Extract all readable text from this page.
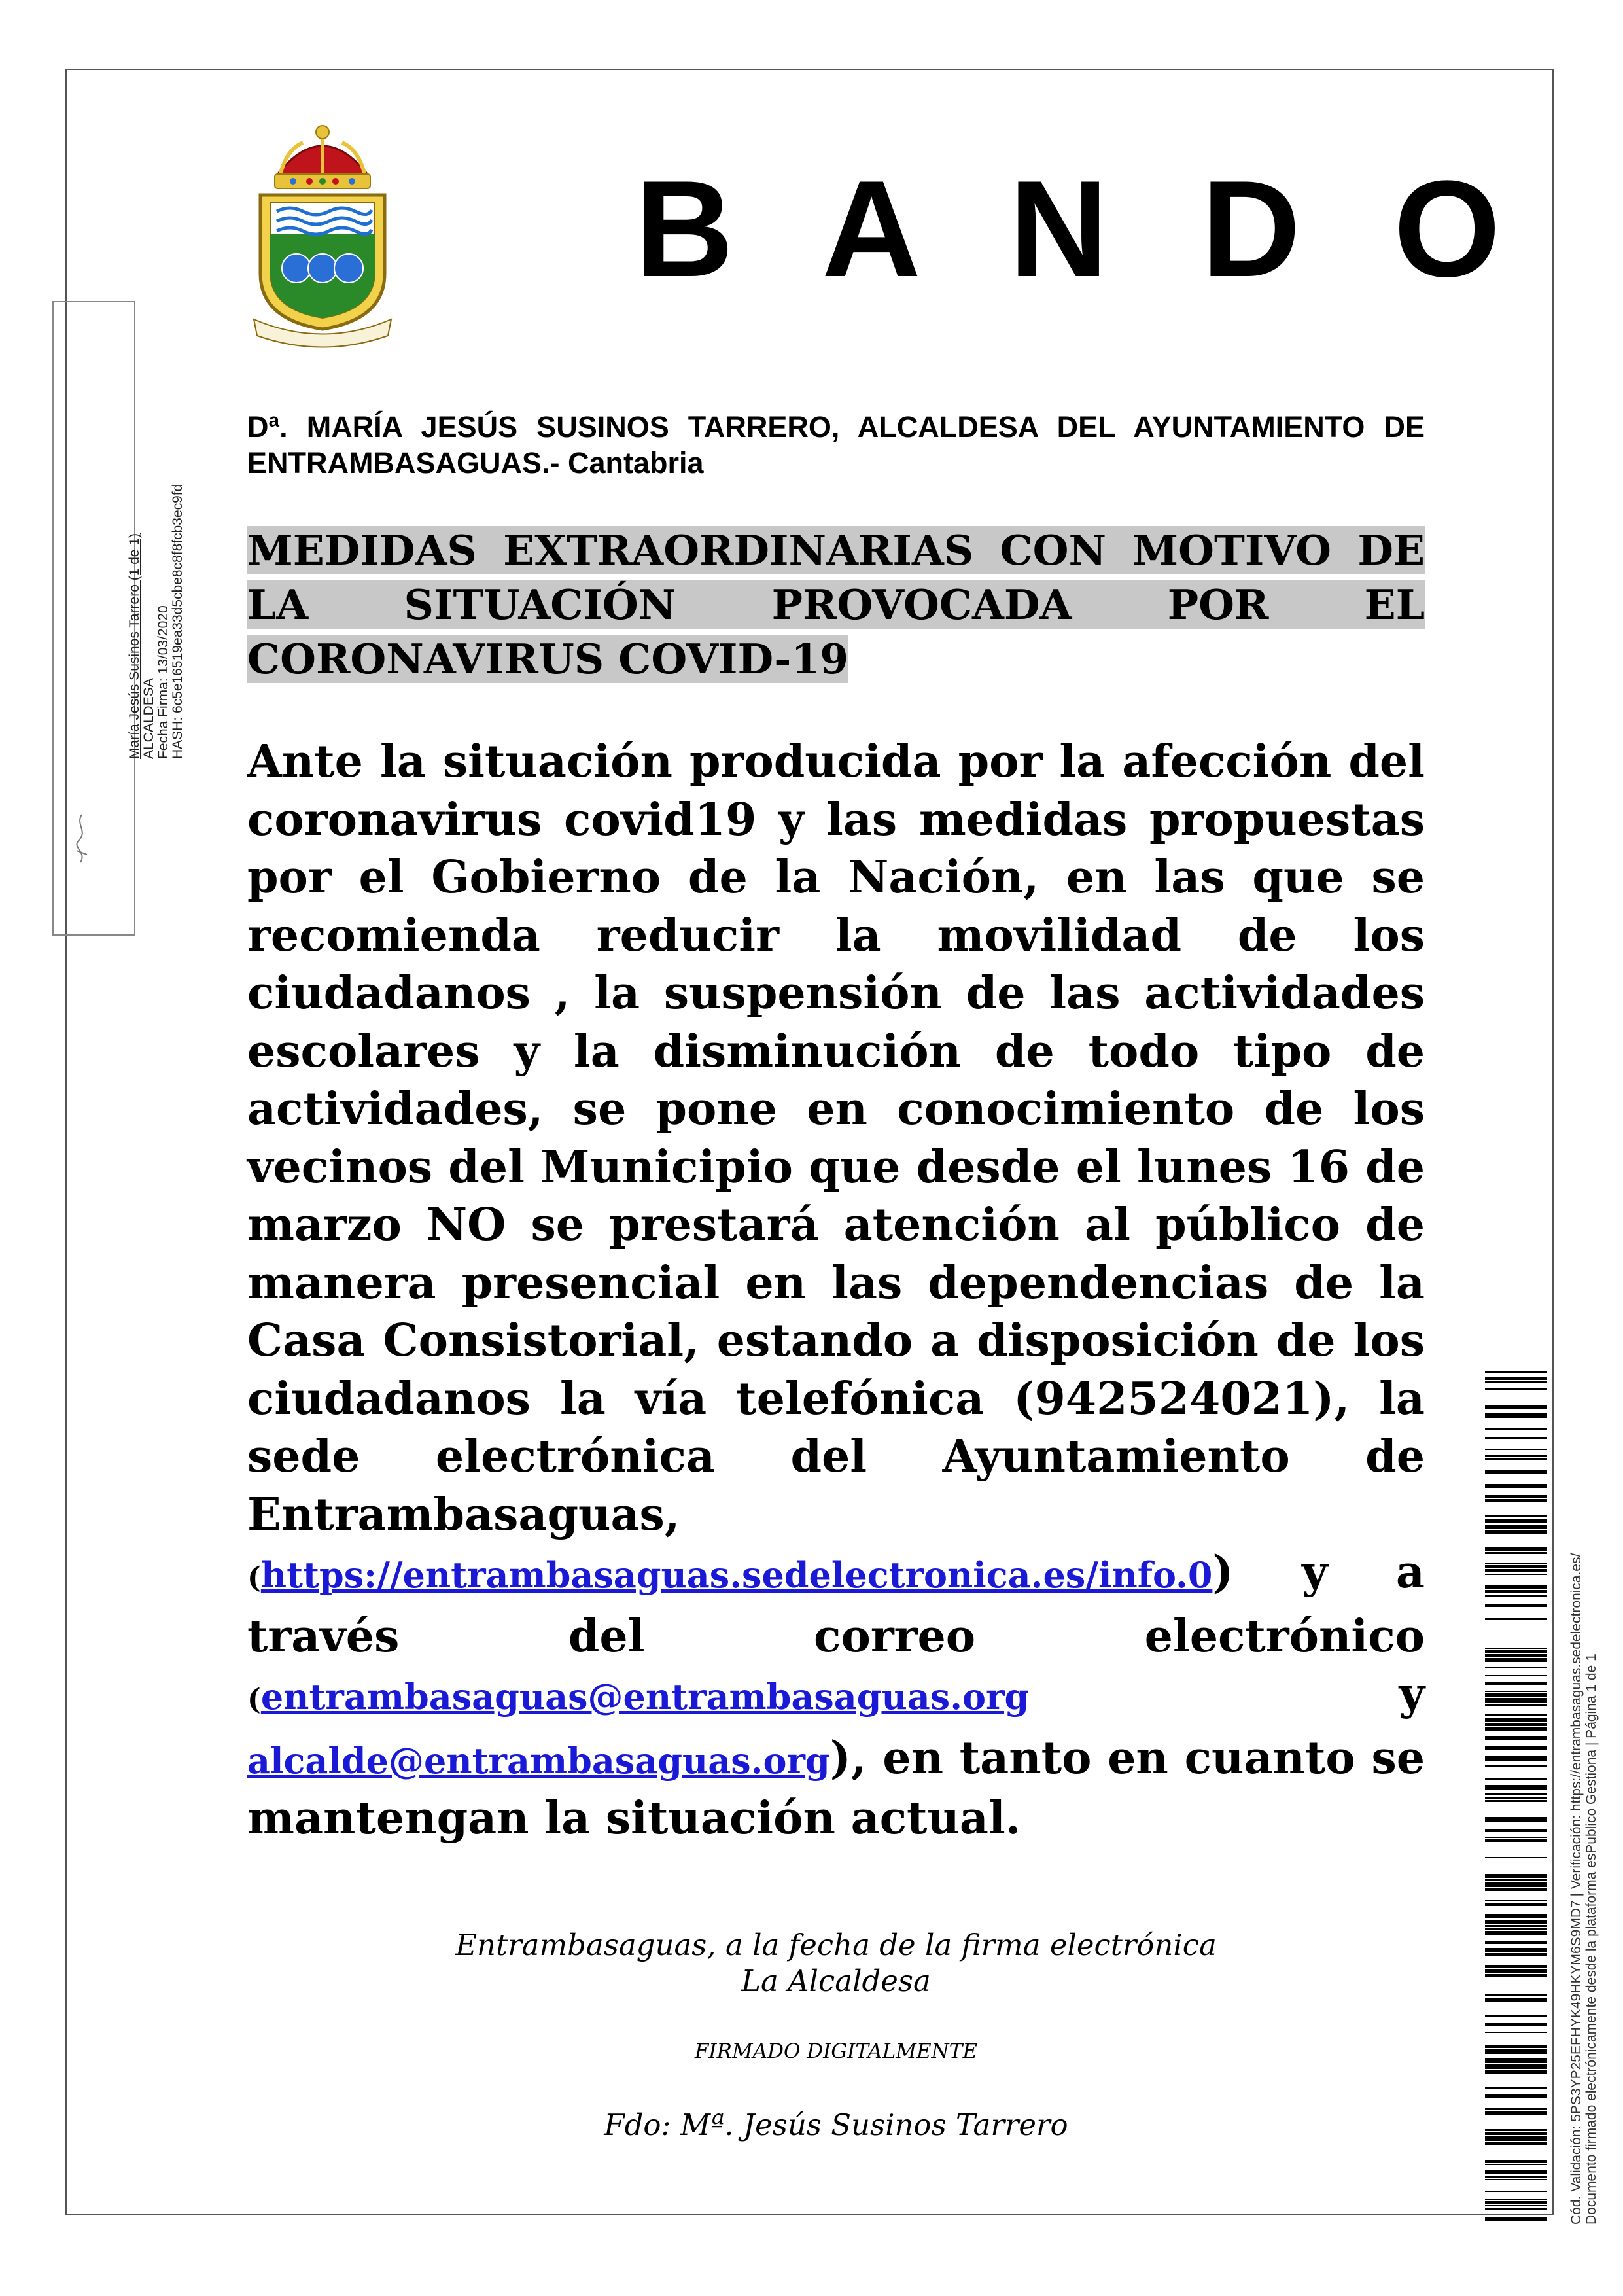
María Jesús Susinos Tarrero (1 de 1) ALCALDESA Fecha Firma: 13/03/2020 HASH: 6c5e16519ea33d5cbe8c8f8fcb3ec9fd
B A N D O
Dª. MARÍA JESÚS SUSINOS TARRERO, ALCALDESA DEL AYUNTAMIENTO DE ENTRAMBASAGUAS.- Cantabria
MEDIDAS EXTRAORDINARIAS CON MOTIVO DE LA SITUACIÓN PROVOCADA POR EL CORONAVIRUS COVID-19
Ante la situación producida por la afección del coronavirus covid19 y las medidas propuestas por el Gobierno de la Nación, en las que se recomienda reducir la movilidad de los ciudadanos , la suspensión de las actividades escolares y la disminución de todo tipo de actividades, se pone en conocimiento de los vecinos del Municipio que desde el lunes 16 de marzo NO se prestará atención al público de manera presencial en las dependencias de la Casa Consistorial, estando a disposición de los ciudadanos la vía telefónica (942524021), la sede electrónica del Ayuntamiento de Entrambasaguas, (https://entrambasaguas.sedelectronica.es/info.0) y a través del correo electrónico (entrambasaguas@entrambasaguas.org	y alcalde@entrambasaguas.org), en tanto en cuanto se mantengan la situación actual.
Entrambasaguas, a la fecha de la firma electrónica
La Alcaldesa
FIRMADO DIGITALMENTE
Fdo: Mª. Jesús Susinos Tarrero	Cód. Validación: 5PS3YP25EFHYK49HKYM6S9MD7 | Verificación: https://entrambasaguas.sedelectronica.es/ Documento firmado electrónicamente desde la plataforma esPublico Gestiona | Página 1 de 1
